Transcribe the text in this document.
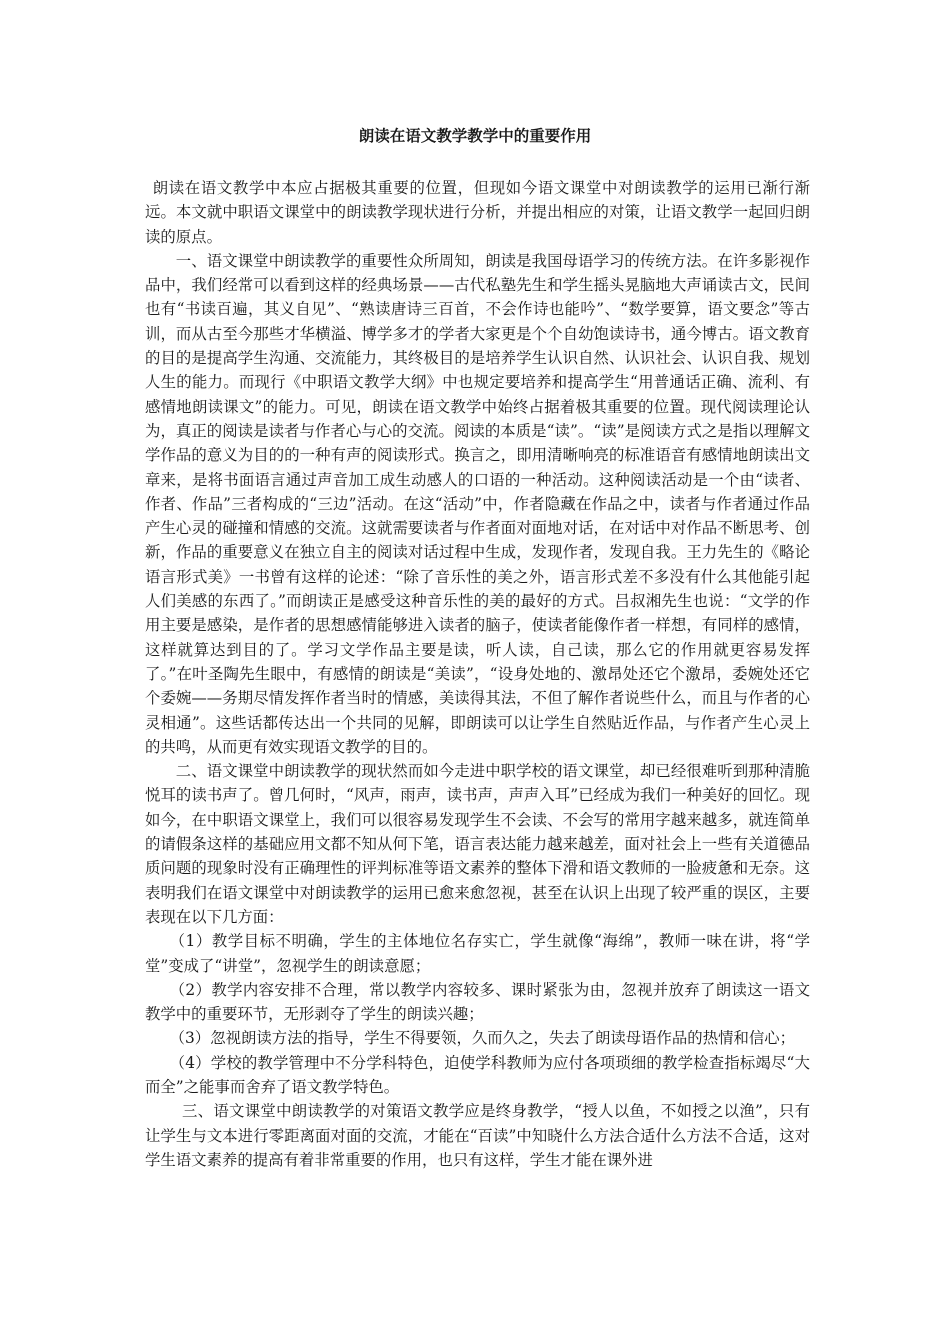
朗读在语文教学教学中的重要作用

朗读在语文教学中本应占据极其重要的位置，但现如今语文课堂中对朗读教学的运用已渐行渐远。本文就中职语文课堂中的朗读教学现状进行分析，并提出相应的对策，让语文教学一起回归朗读的原点。

一、语文课堂中朗读教学的重要性众所周知，朗读是我国母语学习的传统方法。在许多影视作品中，我们经常可以看到这样的经典场景——古代私塾先生和学生摇头晃脑地大声诵读古文，民间也有“书读百遍，其义自见”、“熟读唐诗三百首，不会作诗也能吟”、“数学要算，语文要念”等古训，而从古至今那些才华横溢、博学多才的学者大家更是个个自幼饱读诗书，通今博古。语文教育的目的是提高学生沟通、交流能力，其终极目的是培养学生认识自然、认识社会、认识自我、规划人生的能力。而现行《中职语文教学大纲》中也规定要培养和提高学生“用普通话正确、流利、有感情地朗读课文”的能力。可见，朗读在语文教学中始终占据着极其重要的位置。现代阅读理论认为，真正的阅读是读者与作者心与心的交流。阅读的本质是“读”。“读”是阅读方式之是指以理解文学作品的意义为目的的一种有声的阅读形式。换言之，即用清晰响亮的标准语音有感情地朗读出文章来，是将书面语言通过声音加工成生动感人的口语的一种活动。这种阅读活动是一个由“读者、作者、作品”三者构成的“三边”活动。在这“活动”中，作者隐藏在作品之中，读者与作者通过作品产生心灵的碰撞和情感的交流。这就需要读者与作者面对面地对话，在对话中对作品不断思考、创新，作品的重要意义在独立自主的阅读对话过程中生成，发现作者，发现自我。王力先生的《略论语言形式美》一书曾有这样的论述：“除了音乐性的美之外，语言形式差不多没有什么其他能引起人们美感的东西了。”而朗读正是感受这种音乐性的美的最好的方式。吕叔湘先生也说：“文学的作用主要是感染，是作者的思想感情能够进入读者的脑子，使读者能像作者一样想，有同样的感情，这样就算达到目的了。学习文学作品主要是读，听人读，自己读，那么它的作用就更容易发挥了。”在叶圣陶先生眼中，有感情的朗读是“美读”，“设身处地的、激昂处还它个激昂，委婉处还它个委婉——务期尽情发挥作者当时的情感，美读得其法，不但了解作者说些什么，而且与作者的心灵相通”。这些话都传达出一个共同的见解，即朗读可以让学生自然贴近作品，与作者产生心灵上的共鸣，从而更有效实现语文教学的目的。

二、语文课堂中朗读教学的现状然而如今走进中职学校的语文课堂，却已经很难听到那种清脆悦耳的读书声了。曾几何时，“风声，雨声，读书声，声声入耳”已经成为我们一种美好的回忆。现如今，在中职语文课堂上，我们可以很容易发现学生不会读、不会写的常用字越来越多，就连简单的请假条这样的基础应用文都不知从何下笔，语言表达能力越来越差，面对社会上一些有关道德品质问题的现象时没有正确理性的评判标准等语文素养的整体下滑和语文教师的一脸疲惫和无奈。这表明我们在语文课堂中对朗读教学的运用已愈来愈忽视，甚至在认识上出现了较严重的误区，主要表现在以下几方面：

（1）教学目标不明确，学生的主体地位名存实亡，学生就像“海绵”，教师一味在讲，将“学堂”变成了“讲堂”，忽视学生的朗读意愿；

（2）教学内容安排不合理，常以教学内容较多、课时紧张为由，忽视并放弃了朗读这一语文教学中的重要环节，无形剥夺了学生的朗读兴趣；

（3）忽视朗读方法的指导，学生不得要领，久而久之，失去了朗读母语作品的热情和信心；

（4）学校的教学管理中不分学科特色，迫使学科教师为应付各项琐细的教学检查指标竭尽“大而全”之能事而舍弃了语文教学特色。

三、语文课堂中朗读教学的对策语文教学应是终身教学，“授人以鱼，不如授之以渔”，只有让学生与文本进行零距离面对面的交流，才能在“百读”中知晓什么方法合适什么方法不合适，这对学生语文素养的提高有着非常重要的作用，也只有这样，学生才能在课外进
